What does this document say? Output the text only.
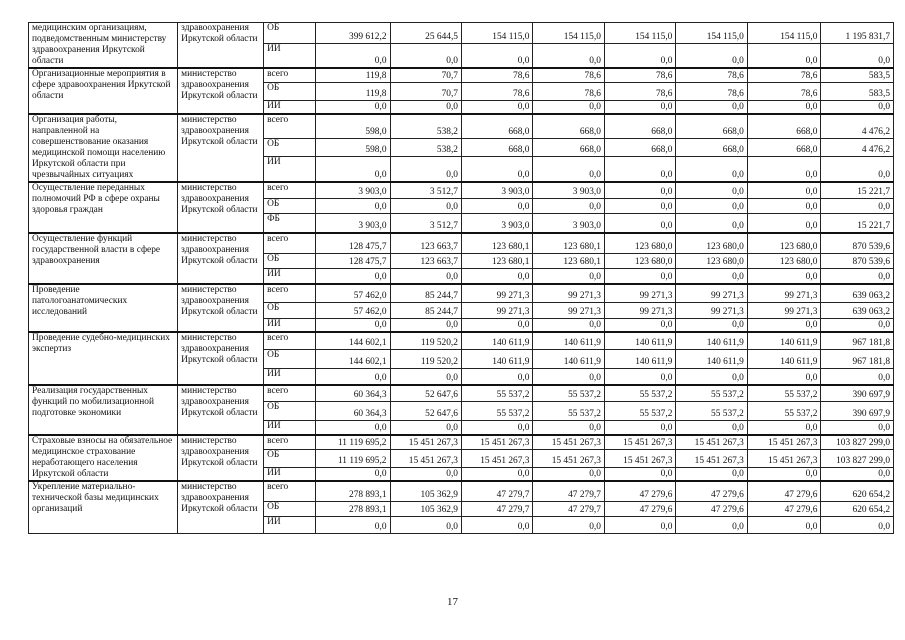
медицинским организациям, подведомственным министерству здравоохранения Иркутской области	здравоохранения Иркутской области	ОБ	399 612,2	25 644,5	154 115,0	154 115,0	154 115,0	154 115,0	154 115,0	1 195 831,7
		ИИ	0,0	0,0	0,0	0,0	0,0	0,0	0,0	0,0
Организационные мероприятия в сфере здравоохранения Иркутской области	министерство здравоохранения Иркутской области	всего	119,8	70,7	78,6	78,6	78,6	78,6	78,6	583,5
		ОБ	119,8	70,7	78,6	78,6	78,6	78,6	78,6	583,5
		ИИ	0,0	0,0	0,0	0,0	0,0	0,0	0,0	0,0
Организация работы, направленной на совершенствование оказания медицинской помощи населению Иркутской области при чрезвычайных ситуациях	министерство здравоохранения Иркутской области	всего	598,0	538,2	668,0	668,0	668,0	668,0	668,0	4 476,2
		ОБ	598,0	538,2	668,0	668,0	668,0	668,0	668,0	4 476,2
		ИИ	0,0	0,0	0,0	0,0	0,0	0,0	0,0	0,0
Осуществление переданных полномочий РФ в сфере охраны здоровья граждан	министерство здравоохранения Иркутской области	всего	3 903,0	3 512,7	3 903,0	3 903,0	0,0	0,0	0,0	15 221,7
		ОБ	0,0	0,0	0,0	0,0	0,0	0,0	0,0	0,0
		ФБ	3 903,0	3 512,7	3 903,0	3 903,0	0,0	0,0	0,0	15 221,7
Осуществление функций государственной власти в сфере здравоохранения	министерство здравоохранения Иркутской области	всего	128 475,7	123 663,7	123 680,1	123 680,1	123 680,0	123 680,0	123 680,0	870 539,6
		ОБ	128 475,7	123 663,7	123 680,1	123 680,1	123 680,0	123 680,0	123 680,0	870 539,6
		ИИ	0,0	0,0	0,0	0,0	0,0	0,0	0,0	0,0
Проведение патологоанатомических исследований	министерство здравоохранения Иркутской области	всего	57 462,0	85 244,7	99 271,3	99 271,3	99 271,3	99 271,3	99 271,3	639 063,2
		ОБ	57 462,0	85 244,7	99 271,3	99 271,3	99 271,3	99 271,3	99 271,3	639 063,2
		ИИ	0,0	0,0	0,0	0,0	0,0	0,0	0,0	0,0
Проведение судебно-медицинских экспертиз	министерство здравоохранения Иркутской области	всего	144 602,1	119 520,2	140 611,9	140 611,9	140 611,9	140 611,9	140 611,9	967 181,8
		ОБ	144 602,1	119 520,2	140 611,9	140 611,9	140 611,9	140 611,9	140 611,9	967 181,8
		ИИ	0,0	0,0	0,0	0,0	0,0	0,0	0,0	0,0
Реализация государственных функций по мобилизационной подготовке экономики	министерство здравоохранения Иркутской области	всего	60 364,3	52 647,6	55 537,2	55 537,2	55 537,2	55 537,2	55 537,2	390 697,9
		ОБ	60 364,3	52 647,6	55 537,2	55 537,2	55 537,2	55 537,2	55 537,2	390 697,9
		ИИ	0,0	0,0	0,0	0,0	0,0	0,0	0,0	0,0
Страховые взносы на обязательное медицинское страхование неработающего населения Иркутской области	министерство здравоохранения Иркутской области	всего	11 119 695,2	15 451 267,3	15 451 267,3	15 451 267,3	15 451 267,3	15 451 267,3	15 451 267,3	103 827 299,0
		ОБ	11 119 695,2	15 451 267,3	15 451 267,3	15 451 267,3	15 451 267,3	15 451 267,3	15 451 267,3	103 827 299,0
		ИИ	0,0	0,0	0,0	0,0	0,0	0,0	0,0	0,0
Укрепление материально-технической базы медицинских организаций	министерство здравоохранения Иркутской области	всего	278 893,1	105 362,9	47 279,7	47 279,7	47 279,6	47 279,6	47 279,6	620 654,2
		ОБ	278 893,1	105 362,9	47 279,7	47 279,7	47 279,6	47 279,6	47 279,6	620 654,2
		ИИ	0,0	0,0	0,0	0,0	0,0	0,0	0,0	0,0
17
